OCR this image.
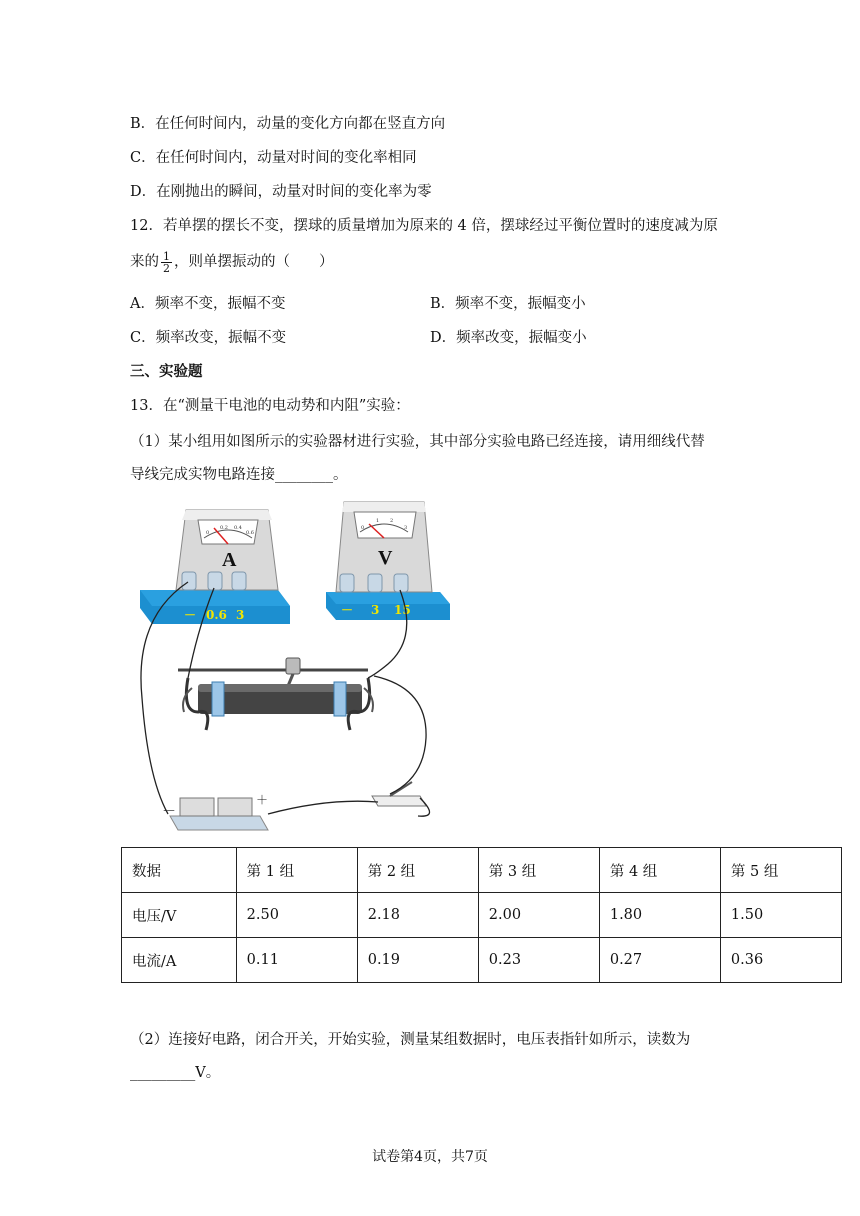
B．在任何时间内，动量的变化方向都在竖直方向
C．在任何时间内，动量对时间的变化率相同
D．在刚抛出的瞬间，动量对时间的变化率为零
12．若单摆的摆长不变，摆球的质量增加为原来的 4 倍，摆球经过平衡位置时的速度减为原
来的 $\frac{1}{2}$ ，则单摆振动的（　　）
A．频率不变，振幅不变	B．频率不变，振幅变小
C．频率改变，振幅不变	D．频率改变，振幅变小
三、实验题
13．在“测量干电池的电动势和内阻”实验：
（1）某小组用如图所示的实验器材进行实验，其中部分实验电路已经连接，请用细线代替
导线完成实物电路连接________。
0
0.2 0.4
0.6
A
－ 0.6 3
0
1 2
3
V
－ 3 15
－
＋
数据	第 1 组	第 2 组	第 3 组	第 4 组	第 5 组
电压/V	2.50	2.18	2.00	1.80	1.50
电流/A	0.11	0.19	0.23	0.27	0.36
（2）连接好电路，闭合开关，开始实验，测量某组数据时，电压表指针如所示，读数为
_________V。
试卷第4页，共7页
